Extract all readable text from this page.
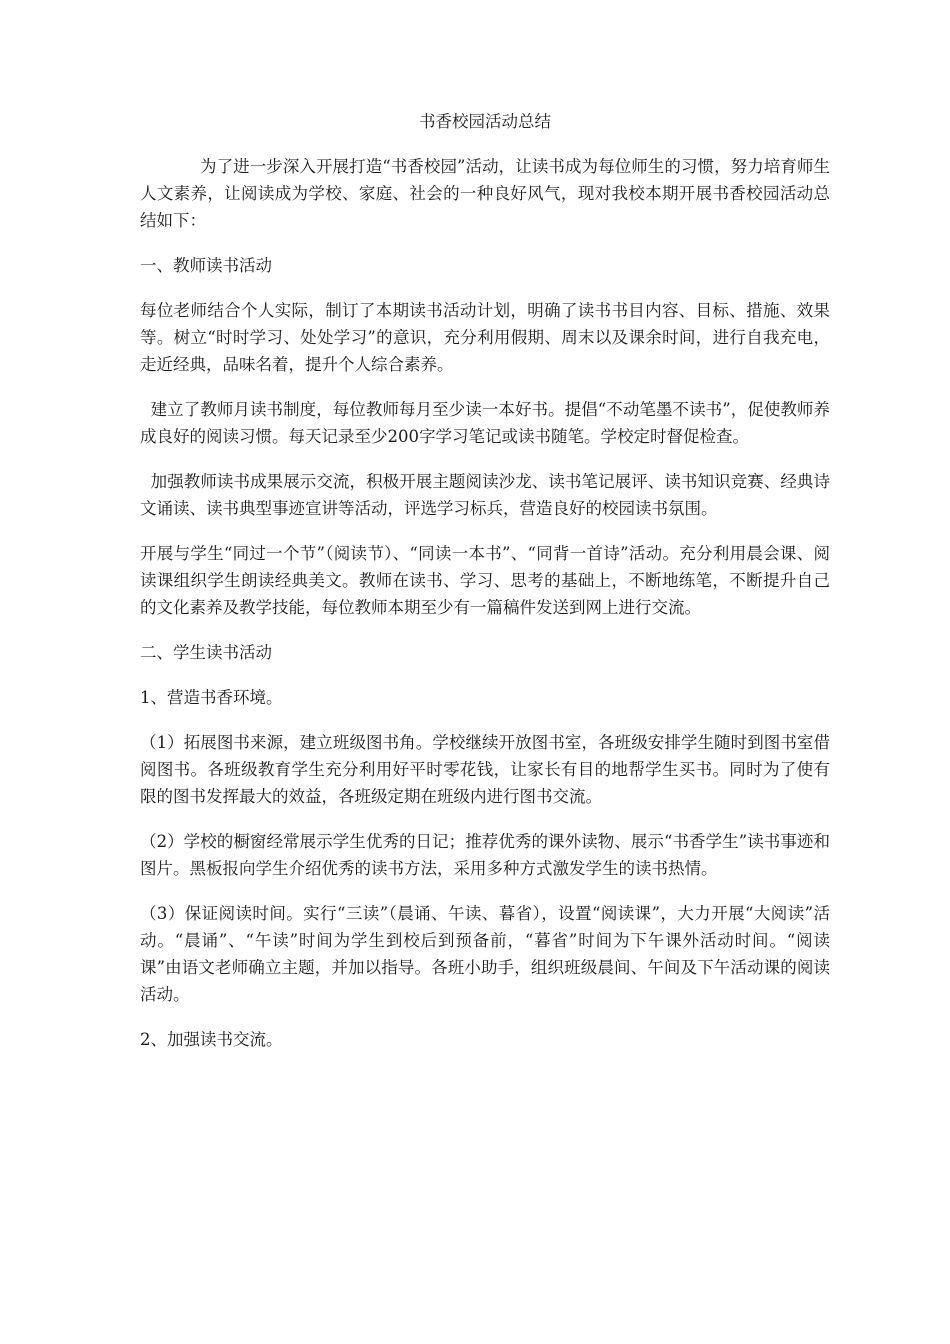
书香校园活动总结

为了进一步深入开展打造“书香校园”活动，让读书成为每位师生的习惯，努力培育师生人文素养，让阅读成为学校、家庭、社会的一种良好风气，现对我校本期开展书香校园活动总结如下：

一、教师读书活动

每位老师结合个人实际，制订了本期读书活动计划，明确了读书书目内容、目标、措施、效果等。树立“时时学习、处处学习”的意识，充分利用假期、周末以及课余时间，进行自我充电，走近经典，品味名着，提升个人综合素养。

建立了教师月读书制度，每位教师每月至少读一本好书。提倡“不动笔墨不读书”，促使教师养成良好的阅读习惯。每天记录至少200字学习笔记或读书随笔。学校定时督促检查。

加强教师读书成果展示交流，积极开展主题阅读沙龙、读书笔记展评、读书知识竞赛、经典诗文诵读、读书典型事迹宣讲等活动，评选学习标兵，营造良好的校园读书氛围。

开展与学生“同过一个节”（阅读节）、“同读一本书”、“同背一首诗”活动。充分利用晨会课、阅读课组织学生朗读经典美文。教师在读书、学习、思考的基础上，不断地练笔，不断提升自己的文化素养及教学技能，每位教师本期至少有一篇稿件发送到网上进行交流。

二、学生读书活动

1、营造书香环境。

（1）拓展图书来源，建立班级图书角。学校继续开放图书室，各班级安排学生随时到图书室借阅图书。各班级教育学生充分利用好平时零花钱，让家长有目的地帮学生买书。同时为了使有限的图书发挥最大的效益，各班级定期在班级内进行图书交流。

（2）学校的橱窗经常展示学生优秀的日记；推荐优秀的课外读物、展示“书香学生”读书事迹和图片。黑板报向学生介绍优秀的读书方法，采用多种方式激发学生的读书热情。

（3）保证阅读时间。实行“三读”（晨诵、午读、暮省），设置“阅读课”，大力开展“大阅读”活动。“晨诵”、“午读”时间为学生到校后到预备前，“暮省”时间为下午课外活动时间。“阅读课”由语文老师确立主题，并加以指导。各班小助手，组织班级晨间、午间及下午活动课的阅读活动。

2、加强读书交流。
